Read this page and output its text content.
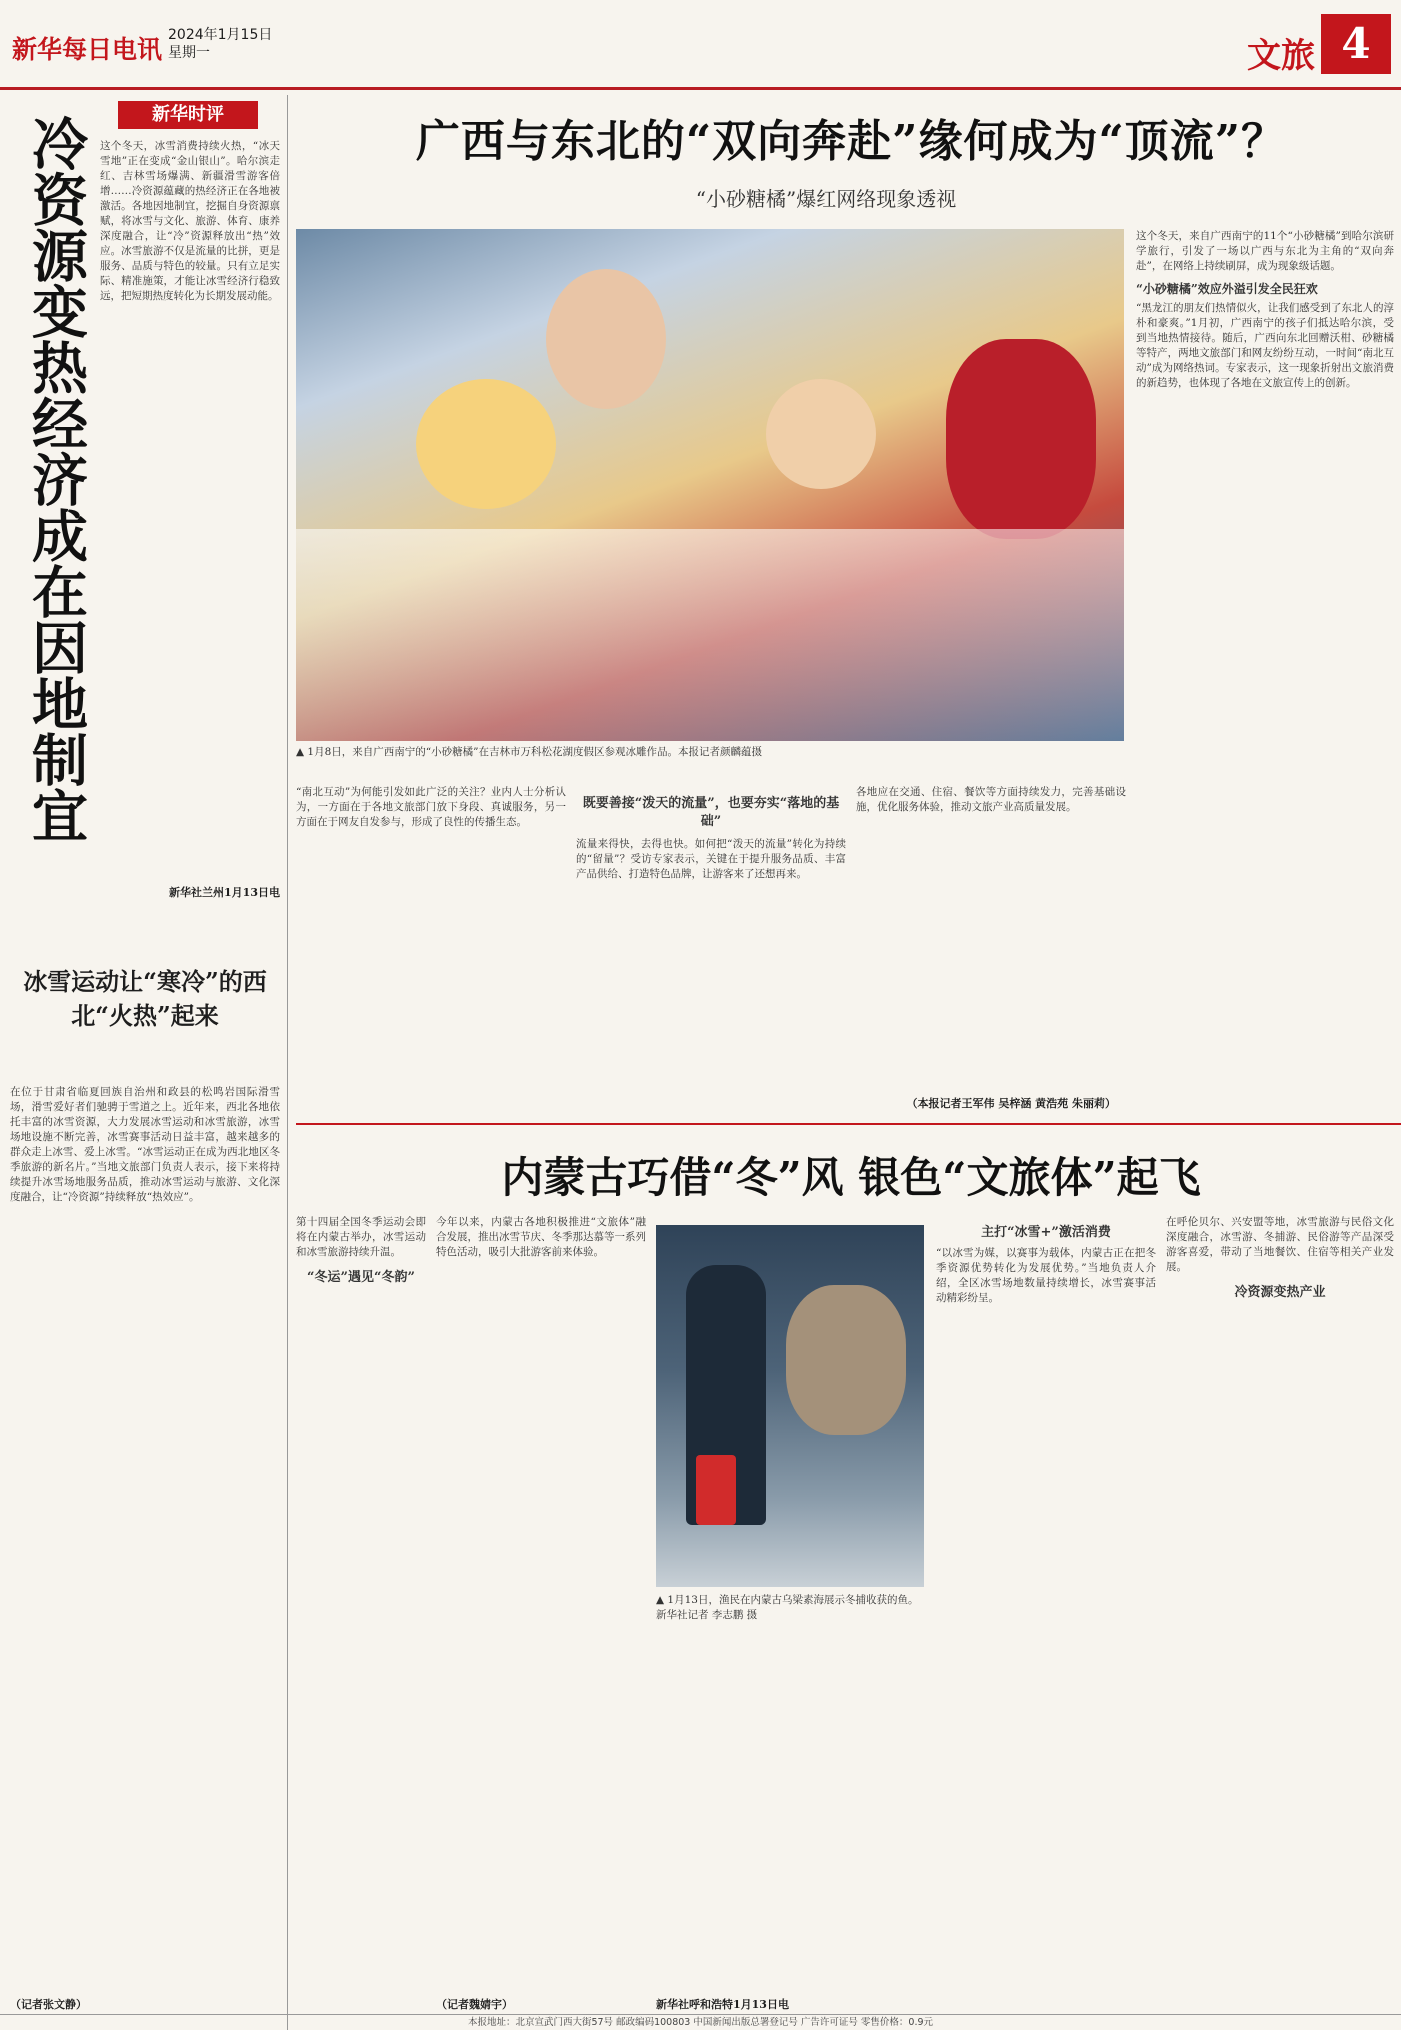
新华每日电讯 2024年1月15日
星期一	文旅 4
新华时评
冷资源变热经济成在因地制宜 这个冬天，冰雪消费持续火热，“冰天雪地”正在变成“金山银山”。哈尔滨走红、吉林雪场爆满、新疆滑雪游客倍增……冷资源蕴藏的热经济正在各地被激活。各地因地制宜，挖掘自身资源禀赋，将冰雪与文化、旅游、体育、康养深度融合，让“冷”资源释放出“热”效应。冰雪旅游不仅是流量的比拼，更是服务、品质与特色的较量。只有立足实际、精准施策，才能让冰雪经济行稳致远，把短期热度转化为长期发展动能。
新华社兰州1月13日电
冰雪运动让“寒冷”的西北“火热”起来
在位于甘肃省临夏回族自治州和政县的松鸣岩国际滑雪场，滑雪爱好者们驰骋于雪道之上。近年来，西北各地依托丰富的冰雪资源，大力发展冰雪运动和冰雪旅游，冰雪场地设施不断完善，冰雪赛事活动日益丰富，越来越多的群众走上冰雪、爱上冰雪。“冰雪运动正在成为西北地区冬季旅游的新名片。”当地文旅部门负责人表示，接下来将持续提升冰雪场地服务品质，推动冰雪运动与旅游、文化深度融合，让“冷资源”持续释放“热效应”。
（记者张文静）
广西与东北的“双向奔赴”缘何成为“顶流”？
“小砂糖橘”爆红网络现象透视
▲ 1月8日，来自广西南宁的“小砂糖橘”在吉林市万科松花湖度假区参观冰雕作品。本报记者颜麟蕴摄

这个冬天，来自广西南宁的11个“小砂糖橘”到哈尔滨研学旅行，引发了一场以广西与东北为主角的“双向奔赴”，在网络上持续刷屏，成为现象级话题。

“小砂糖橘”效应外溢引发全民狂欢

“黑龙江的朋友们热情似火，让我们感受到了东北人的淳朴和豪爽。”1月初，广西南宁的孩子们抵达哈尔滨，受到当地热情接待。随后，广西向东北回赠沃柑、砂糖橘等特产，两地文旅部门和网友纷纷互动，一时间“南北互动”成为网络热词。专家表示，这一现象折射出文旅消费的新趋势，也体现了各地在文旅宣传上的创新。

“南北互动”为何能引发如此广泛的关注？业内人士分析认为，一方面在于各地文旅部门放下身段、真诚服务，另一方面在于网友自发参与，形成了良性的传播生态。

既要善接“泼天的流量”，也要夯实“落地的基础”

流量来得快，去得也快。如何把“泼天的流量”转化为持续的“留量”？受访专家表示，关键在于提升服务品质、丰富产品供给、打造特色品牌，让游客来了还想再来。

各地应在交通、住宿、餐饮等方面持续发力，完善基础设施，优化服务体验，推动文旅产业高质量发展。

（本报记者王军伟 吴梓涵 黄浩苑 朱丽莉）
内蒙古巧借“冬”风 银色“文旅体”起飞

第十四届全国冬季运动会即将在内蒙古举办，冰雪运动和冰雪旅游持续升温。

“冬运”遇见“冬韵”

今年以来，内蒙古各地积极推进“文旅体”融合发展，推出冰雪节庆、冬季那达慕等一系列特色活动，吸引大批游客前来体验。

▲ 1月13日，渔民在内蒙古乌梁素海展示冬捕收获的鱼。新华社记者 李志鹏 摄
主打“冰雪+”激活消费

“以冰雪为媒，以赛事为载体，内蒙古正在把冬季资源优势转化为发展优势。”当地负责人介绍，全区冰雪场地数量持续增长，冰雪赛事活动精彩纷呈。

在呼伦贝尔、兴安盟等地，冰雪旅游与民俗文化深度融合，冰雪游、冬捕游、民俗游等产品深受游客喜爱，带动了当地餐饮、住宿等相关产业发展。

冷资源变热产业
（记者魏婧宇）	新华社呼和浩特1月13日电
本报地址：北京宣武门西大街57号 邮政编码100803 中国新闻出版总署登记号 广告许可证号 零售价格：0.9元
